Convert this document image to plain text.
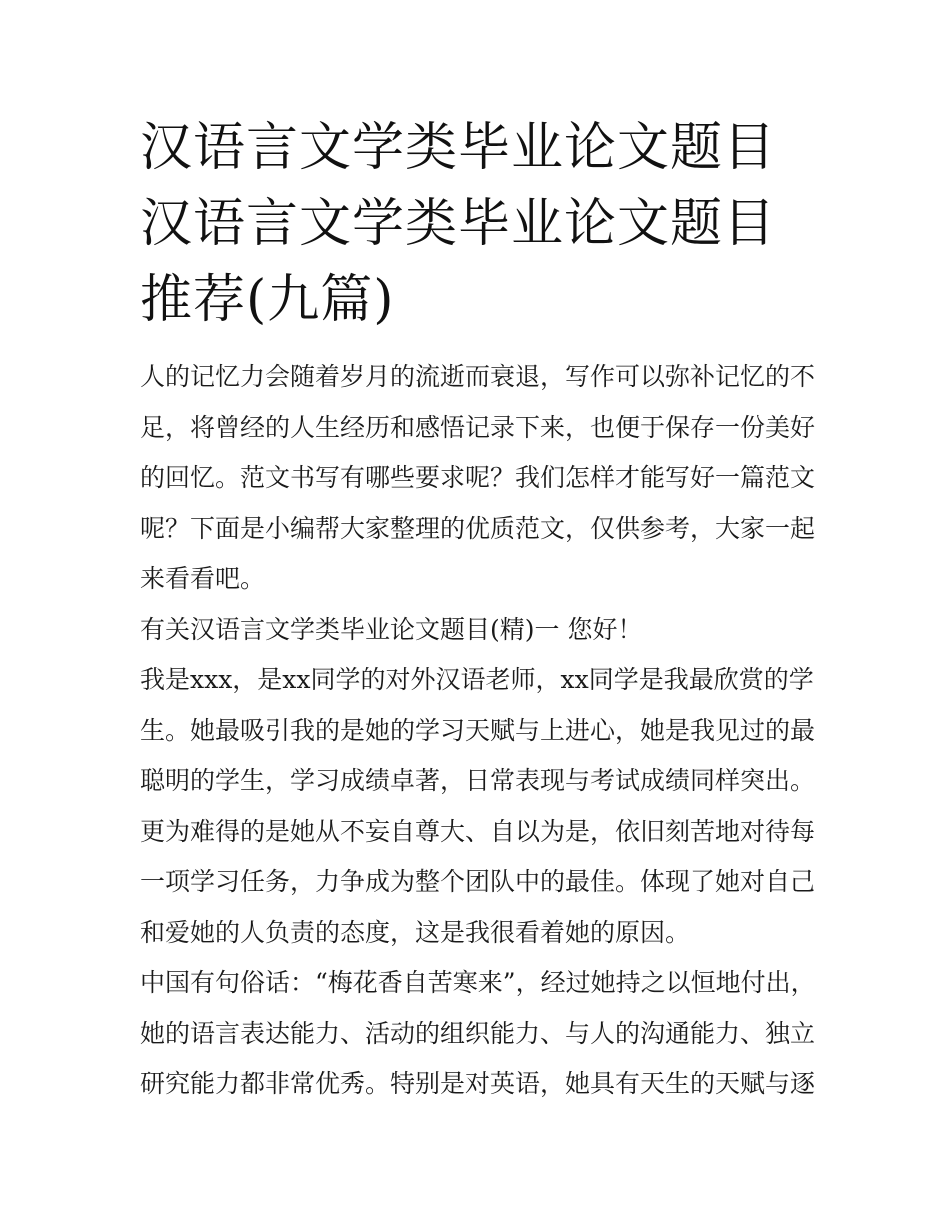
汉语言文学类毕业论文题目 汉语言文学类毕业论文题目推荐(九篇)

人的记忆力会随着岁月的流逝而衰退，写作可以弥补记忆的不足，将曾经的人生经历和感悟记录下来，也便于保存一份美好的回忆。范文书写有哪些要求呢？我们怎样才能写好一篇范文呢？下面是小编帮大家整理的优质范文，仅供参考，大家一起来看看吧。

有关汉语言文学类毕业论文题目(精)一 您好！

我是xxx，是xx同学的对外汉语老师，xx同学是我最欣赏的学生。她最吸引我的是她的学习天赋与上进心，她是我见过的最聪明的学生，学习成绩卓著，日常表现与考试成绩同样突出。更为难得的是她从不妄自尊大、自以为是，依旧刻苦地对待每一项学习任务，力争成为整个团队中的最佳。体现了她对自己和爱她的人负责的态度，这是我很看着她的原因。

中国有句俗话：“梅花香自苦寒来”，经过她持之以恒地付出，她的语言表达能力、活动的组织能力、与人的沟通能力、独立研究能力都非常优秀。特别是对英语，她具有天生的天赋与逐
